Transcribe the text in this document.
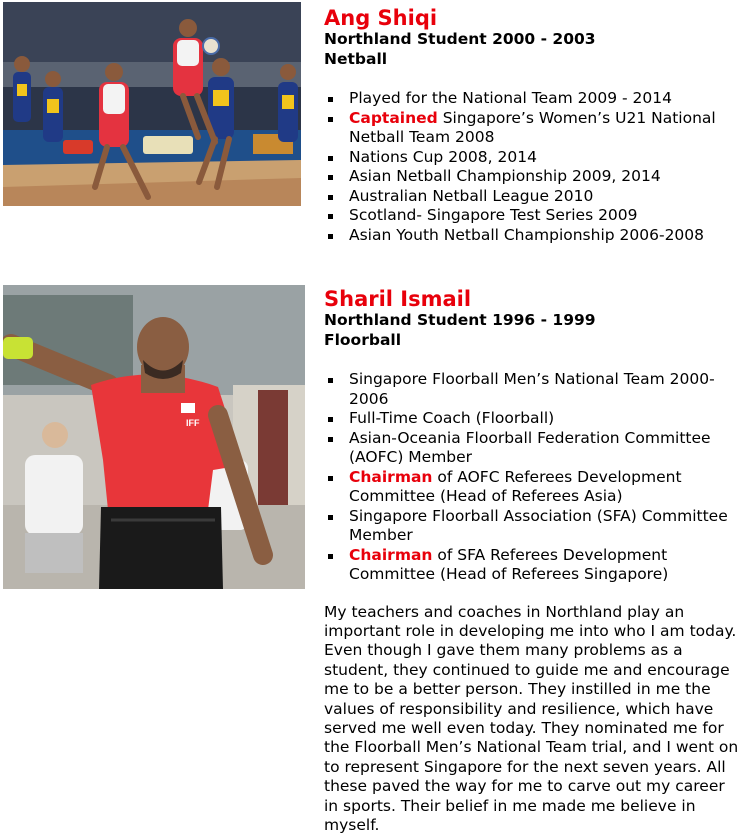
Ang Shiqi
Northland Student 2000 - 2003
Netball
Played for the National Team 2009 - 2014
Captained Singapore’s Women’s U21 National Netball Team 2008
Nations Cup 2008, 2014
Asian Netball Championship 2009, 2014
Australian Netball League 2010
Scotland- Singapore Test Series 2009
Asian Youth Netball Championship 2006-2008
IFF
Sharil Ismail
Northland Student 1996 - 1999
Floorball
Singapore Floorball Men’s National Team 2000-2006
Full-Time Coach (Floorball)
Asian-Oceania Floorball Federation Committee (AOFC) Member
Chairman of AOFC Referees Development Committee (Head of Referees Asia)
Singapore Floorball Association (SFA) Committee Member
Chairman of SFA Referees Development Committee (Head of Referees Singapore)

My teachers and coaches in Northland play an important role in developing me into who I am today. Even though I gave them many problems as a student, they continued to guide me and encourage me to be a better person. They instilled in me the values of responsibility and resilience, which have served me well even today. They nominated me for the Floorball Men’s National Team trial, and I went on to represent Singapore for the next seven years. All these paved the way for me to carve out my career in sports. Their belief in me made me believe in myself.
